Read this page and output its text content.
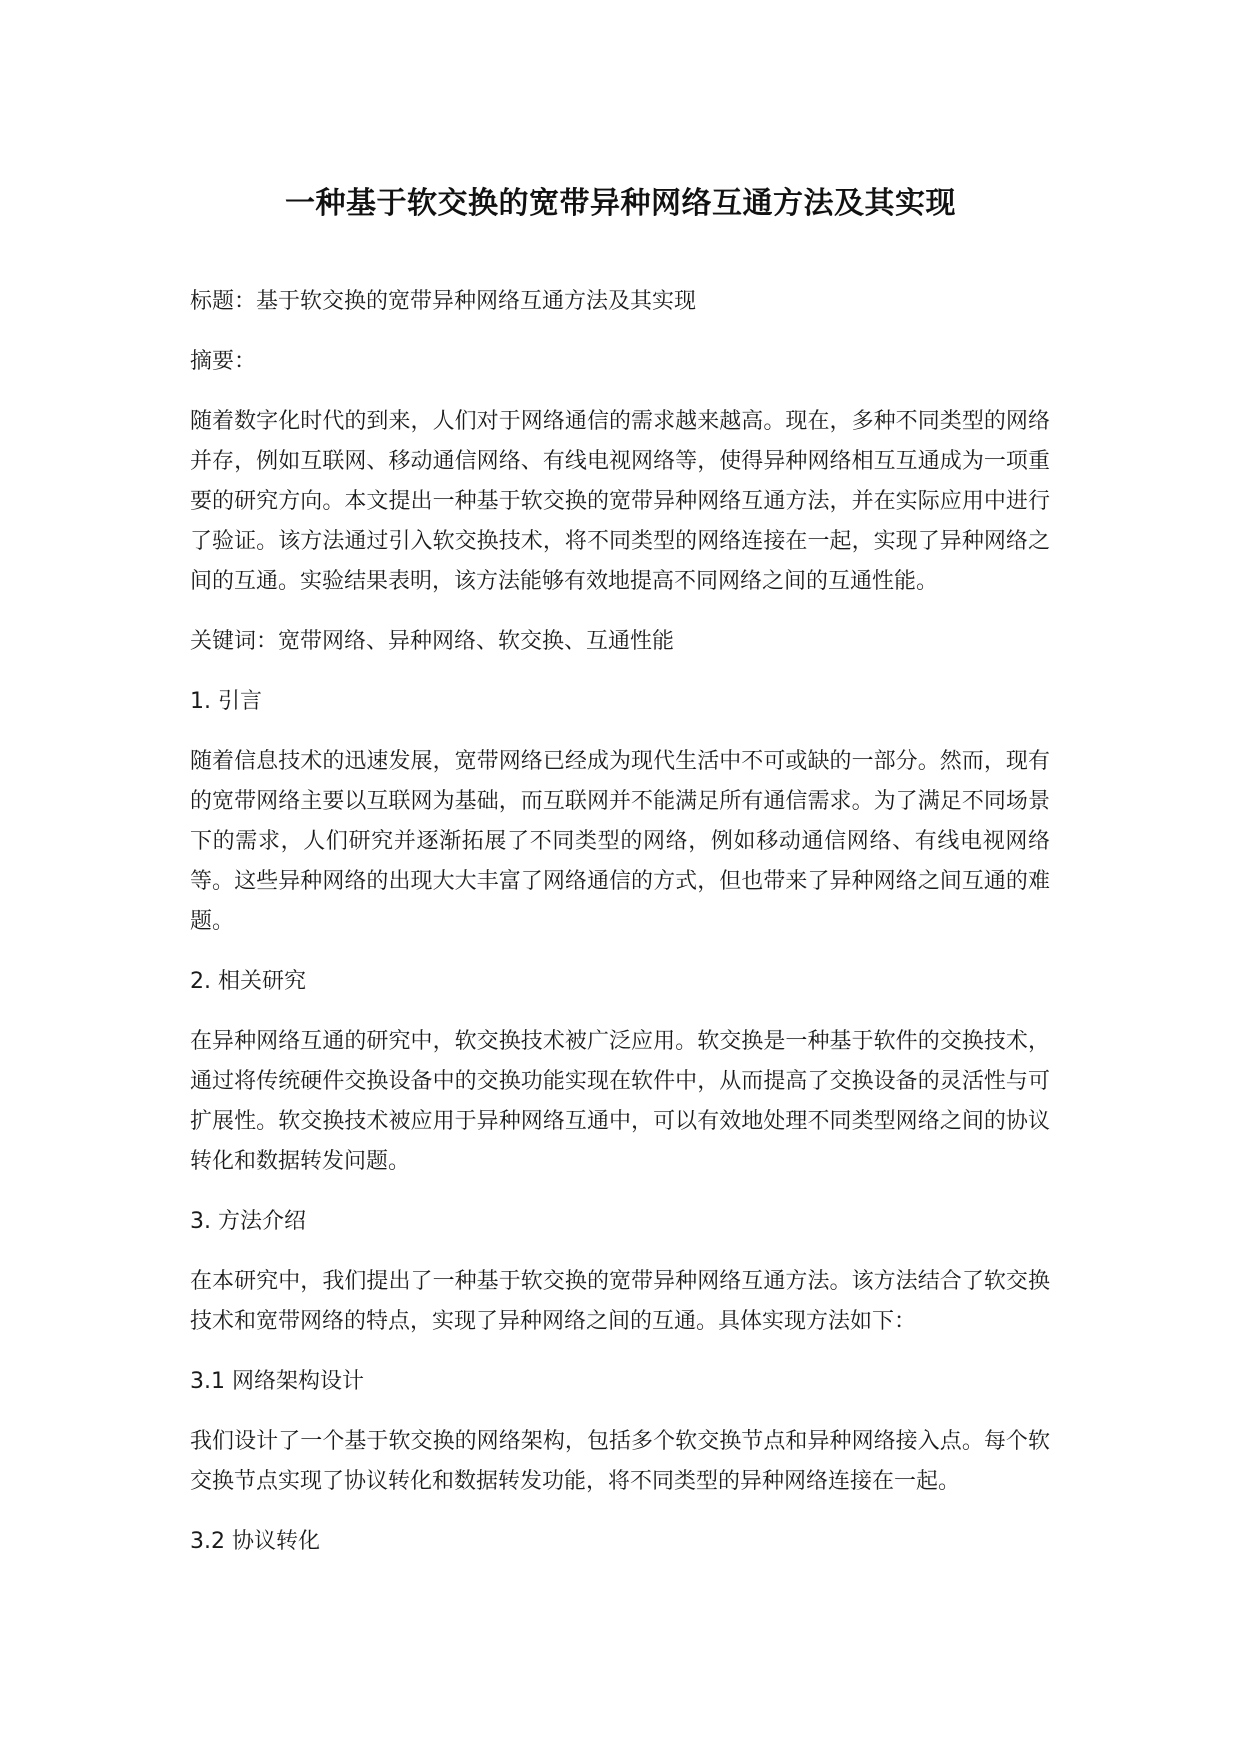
一种基于软交换的宽带异种网络互通方法及其实现

标题：基于软交换的宽带异种网络互通方法及其实现

摘要：

随着数字化时代的到来，人们对于网络通信的需求越来越高。现在，多种不同类型的网络并存，例如互联网、移动通信网络、有线电视网络等，使得异种网络相互互通成为一项重要的研究方向。本文提出一种基于软交换的宽带异种网络互通方法，并在实际应用中进行了验证。该方法通过引入软交换技术，将不同类型的网络连接在一起，实现了异种网络之间的互通。实验结果表明，该方法能够有效地提高不同网络之间的互通性能。

关键词：宽带网络、异种网络、软交换、互通性能

1. 引言

随着信息技术的迅速发展，宽带网络已经成为现代生活中不可或缺的一部分。然而，现有的宽带网络主要以互联网为基础，而互联网并不能满足所有通信需求。为了满足不同场景下的需求，人们研究并逐渐拓展了不同类型的网络，例如移动通信网络、有线电视网络等。这些异种网络的出现大大丰富了网络通信的方式，但也带来了异种网络之间互通的难题。

2. 相关研究

在异种网络互通的研究中，软交换技术被广泛应用。软交换是一种基于软件的交换技术，通过将传统硬件交换设备中的交换功能实现在软件中，从而提高了交换设备的灵活性与可扩展性。软交换技术被应用于异种网络互通中，可以有效地处理不同类型网络之间的协议转化和数据转发问题。

3. 方法介绍

在本研究中，我们提出了一种基于软交换的宽带异种网络互通方法。该方法结合了软交换技术和宽带网络的特点，实现了异种网络之间的互通。具体实现方法如下：

3.1 网络架构设计

我们设计了一个基于软交换的网络架构，包括多个软交换节点和异种网络接入点。每个软交换节点实现了协议转化和数据转发功能，将不同类型的异种网络连接在一起。

3.2 协议转化
